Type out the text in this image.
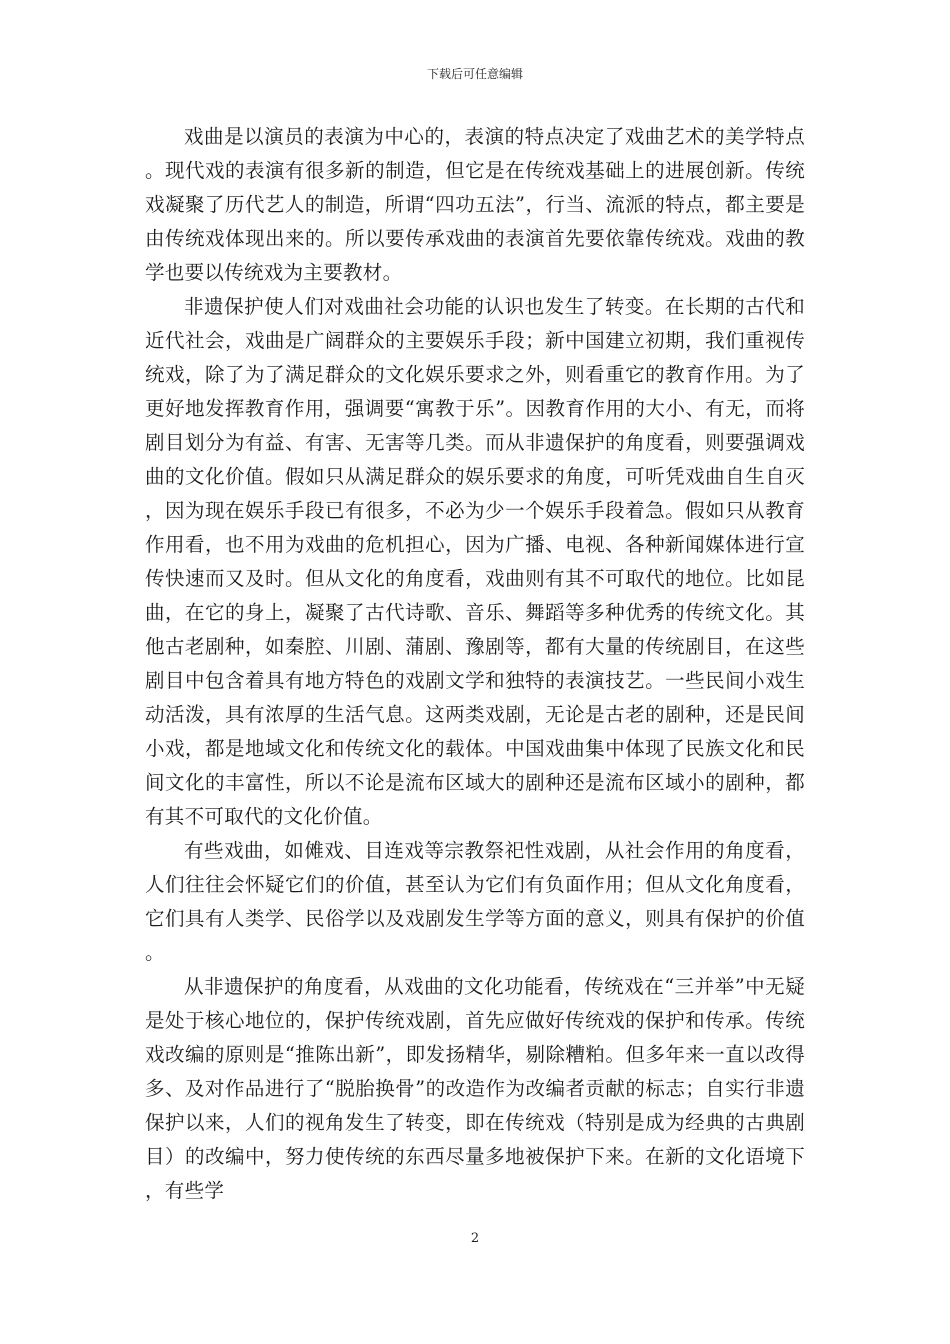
下载后可任意编辑

戏曲是以演员的表演为中心的，表演的特点决定了戏曲艺术的美学特点。现代戏的表演有很多新的制造，但它是在传统戏基础上的进展创新。传统戏凝聚了历代艺人的制造，所谓“四功五法”，行当、流派的特点，都主要是由传统戏体现出来的。所以要传承戏曲的表演首先要依靠传统戏。戏曲的教学也要以传统戏为主要教材。

非遗保护使人们对戏曲社会功能的认识也发生了转变。在长期的古代和近代社会，戏曲是广阔群众的主要娱乐手段；新中国建立初期，我们重视传统戏，除了为了满足群众的文化娱乐要求之外，则看重它的教育作用。为了更好地发挥教育作用，强调要“寓教于乐”。因教育作用的大小、有无，而将剧目划分为有益、有害、无害等几类。而从非遗保护的角度看，则要强调戏曲的文化价值。假如只从满足群众的娱乐要求的角度，可听凭戏曲自生自灭，因为现在娱乐手段已有很多，不必为少一个娱乐手段着急。假如只从教育作用看，也不用为戏曲的危机担心，因为广播、电视、各种新闻媒体进行宣传快速而又及时。但从文化的角度看，戏曲则有其不可取代的地位。比如昆曲，在它的身上，凝聚了古代诗歌、音乐、舞蹈等多种优秀的传统文化。其他古老剧种，如秦腔、川剧、蒲剧、豫剧等，都有大量的传统剧目，在这些剧目中包含着具有地方特色的戏剧文学和独特的表演技艺。一些民间小戏生动活泼，具有浓厚的生活气息。这两类戏剧，无论是古老的剧种，还是民间小戏，都是地域文化和传统文化的载体。中国戏曲集中体现了民族文化和民间文化的丰富性，所以不论是流布区域大的剧种还是流布区域小的剧种，都有其不可取代的文化价值。

有些戏曲，如傩戏、目连戏等宗教祭祀性戏剧，从社会作用的角度看，人们往往会怀疑它们的价值，甚至认为它们有负面作用；但从文化角度看，它们具有人类学、民俗学以及戏剧发生学等方面的意义，则具有保护的价值。

从非遗保护的角度看，从戏曲的文化功能看，传统戏在“三并举”中无疑是处于核心地位的，保护传统戏剧，首先应做好传统戏的保护和传承。传统戏改编的原则是“推陈出新”，即发扬精华，剔除糟粕。但多年来一直以改得多、及对作品进行了“脱胎换骨”的改造作为改编者贡献的标志；自实行非遗保护以来，人们的视角发生了转变，即在传统戏（特别是成为经典的古典剧目）的改编中，努力使传统的东西尽量多地被保护下来。在新的文化语境下，有些学

2
